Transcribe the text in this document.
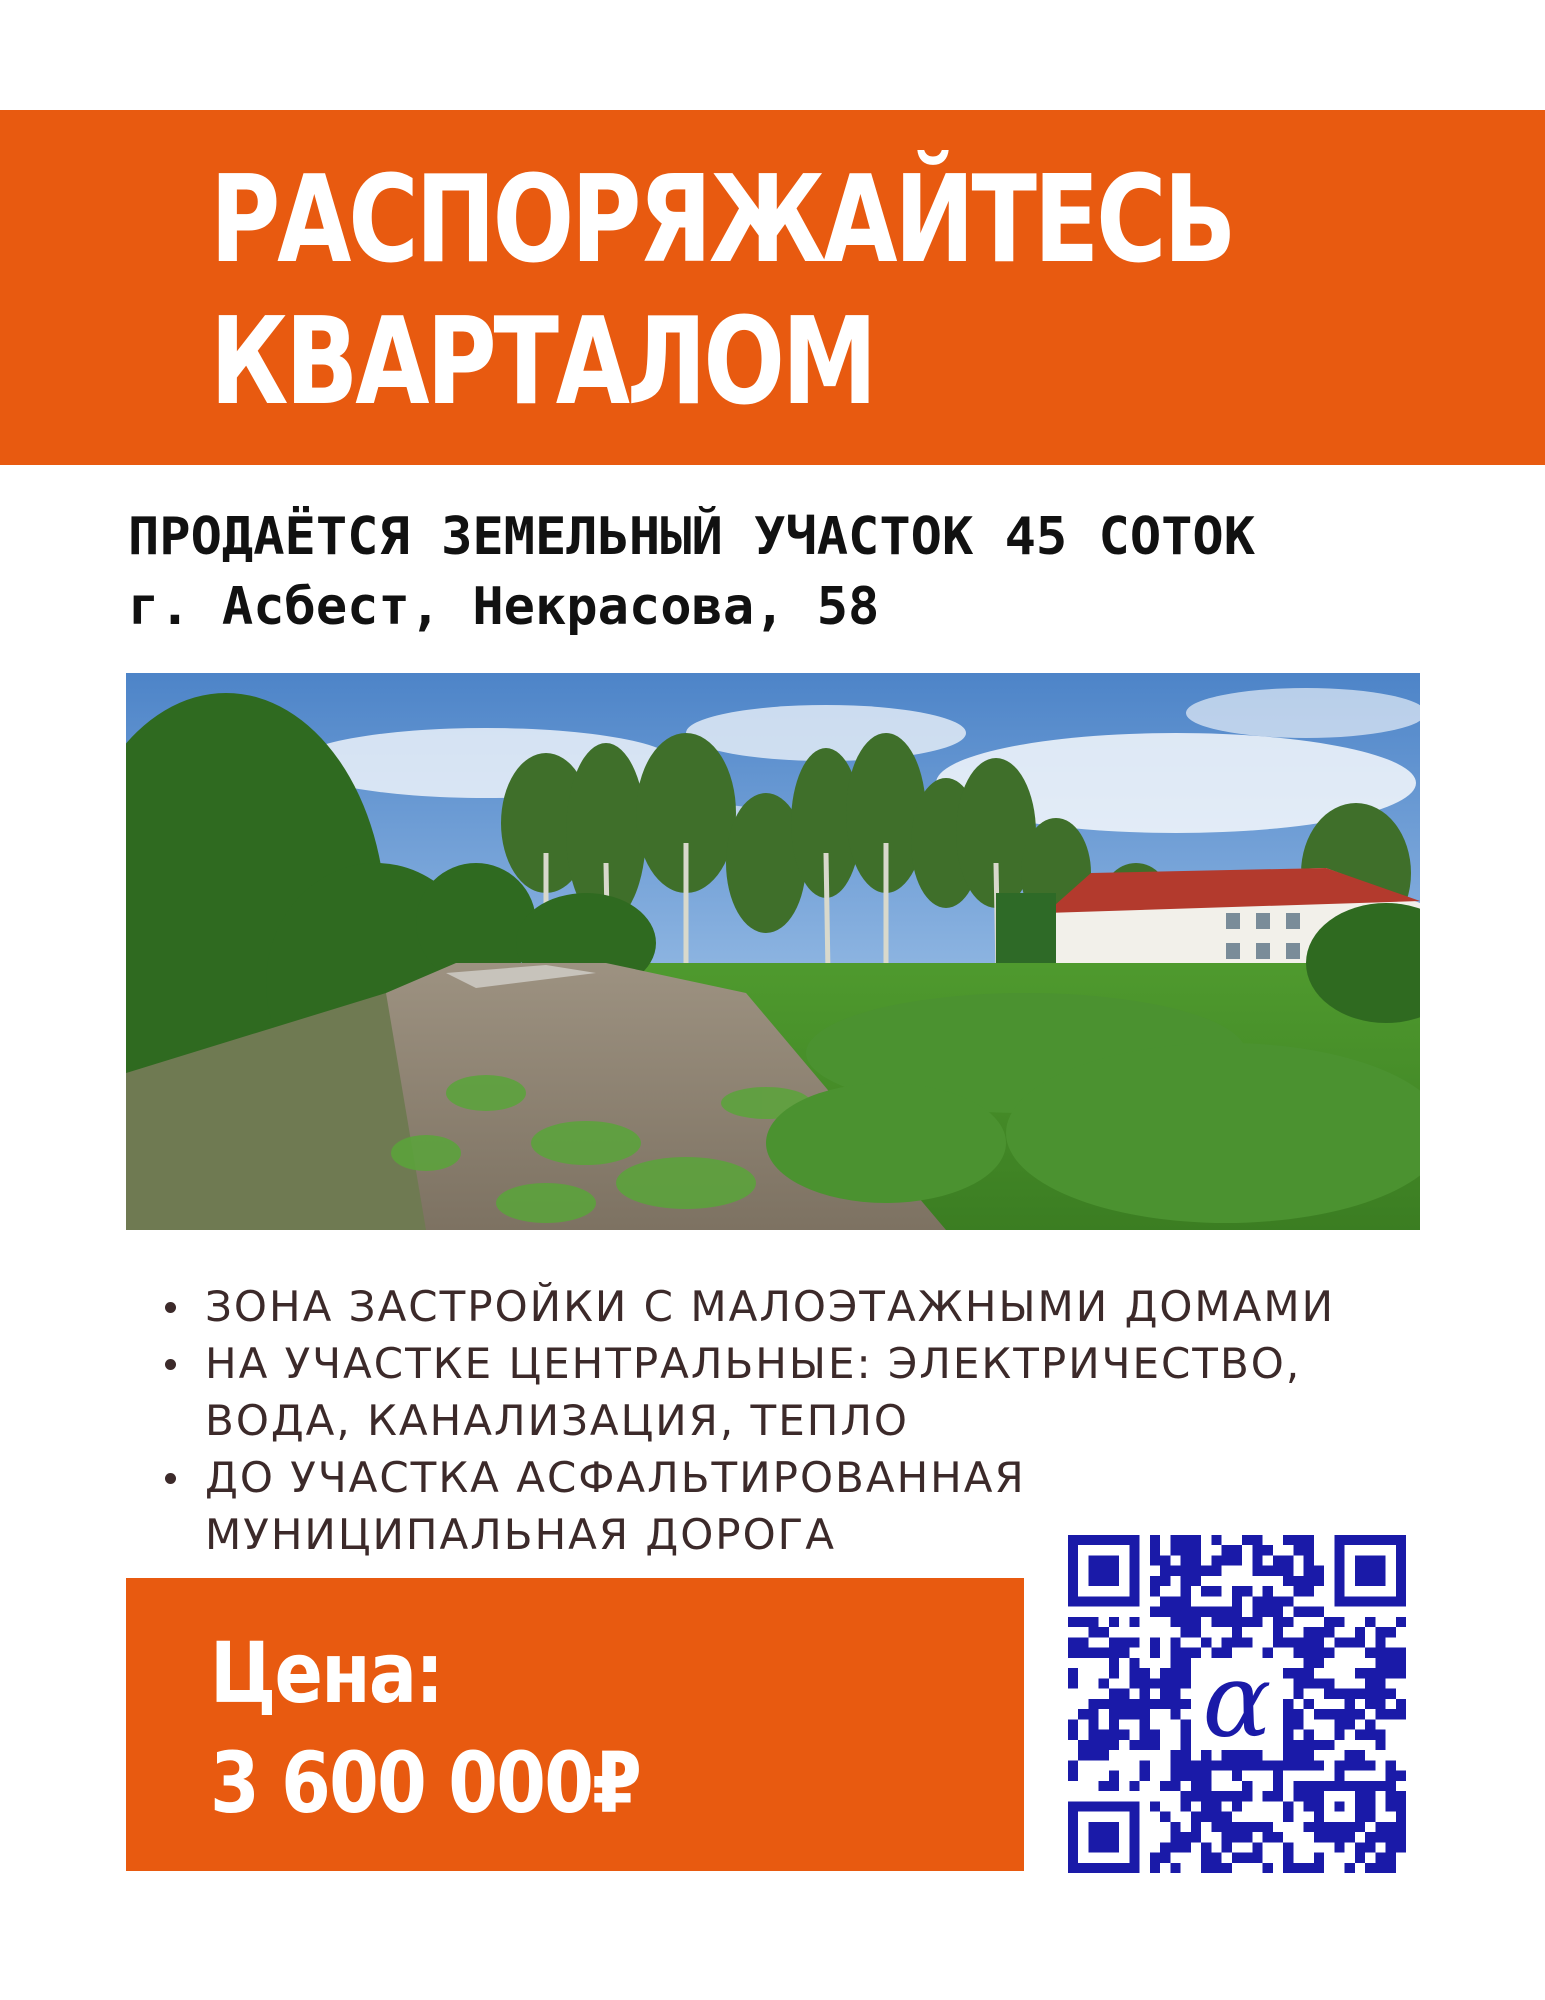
РАСПОРЯЖАЙТЕСЬ
КВАРТАЛОМ
ПРОДАЁТСЯ ЗЕМЕЛЬНЫЙ УЧАСТОК 45 СОТОК
г. Асбест, Некрасова, 58
ЗОНА ЗАСТРОЙКИ С МАЛОЭТАЖНЫМИ ДОМАМИ
НА УЧАСТКЕ ЦЕНТРАЛЬНЫЕ: ЭЛЕКТРИЧЕСТВО,
ВОДА, КАНАЛИЗАЦИЯ, ТЕПЛО
ДО УЧАСТКА АСФАЛЬТИРОВАННАЯ
МУНИЦИПАЛЬНАЯ ДОРОГА
Цена:
3 600 000₽
α
